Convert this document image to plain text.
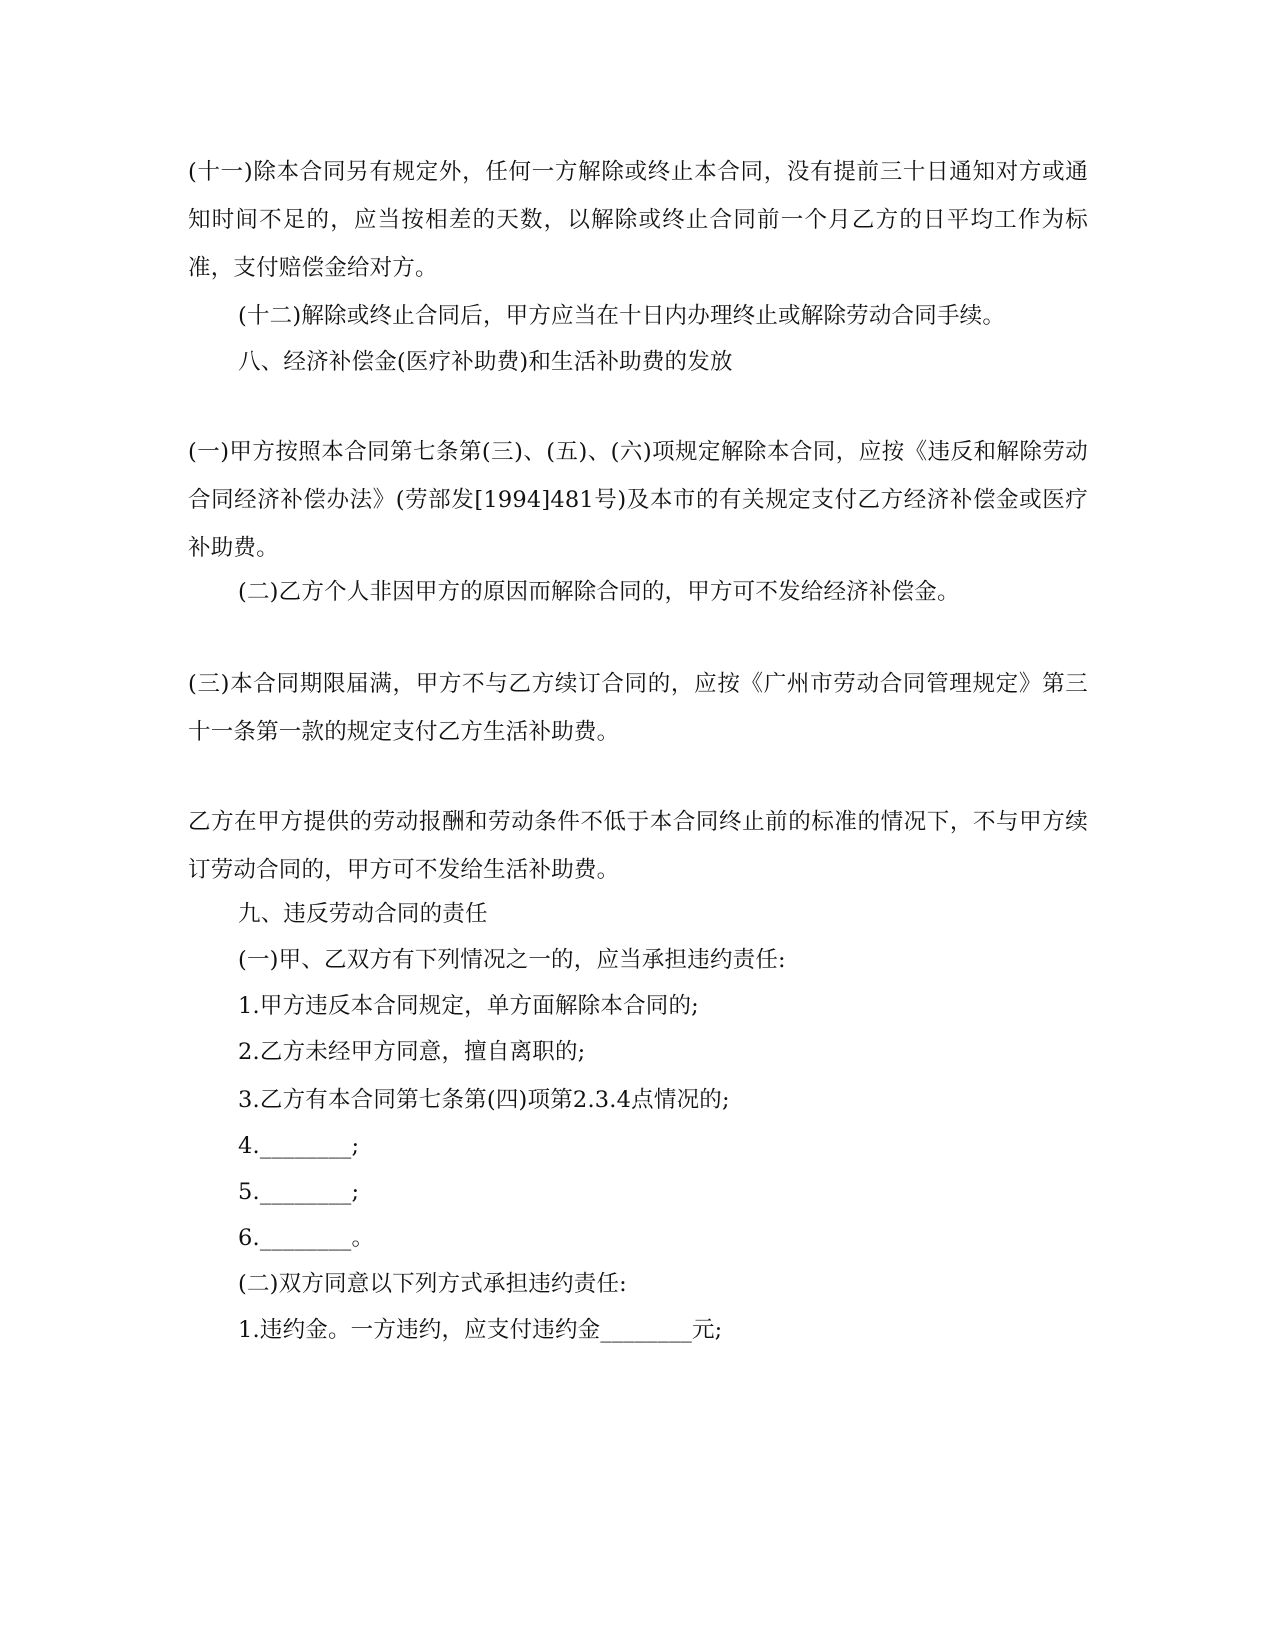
(十一)除本合同另有规定外，任何一方解除或终止本合同，没有提前三十日通知对方或通知时间不足的，应当按相差的天数，以解除或终止合同前一个月乙方的日平均工作为标准，支付赔偿金给对方。
(十二)解除或终止合同后，甲方应当在十日内办理终止或解除劳动合同手续。
八、经济补偿金(医疗补助费)和生活补助费的发放
(一)甲方按照本合同第七条第(三)、(五)、(六)项规定解除本合同，应按《违反和解除劳动合同经济补偿办法》(劳部发[1994]481号)及本市的有关规定支付乙方经济补偿金或医疗补助费。
(二)乙方个人非因甲方的原因而解除合同的，甲方可不发给经济补偿金。
(三)本合同期限届满，甲方不与乙方续订合同的，应按《广州市劳动合同管理规定》第三十一条第一款的规定支付乙方生活补助费。
乙方在甲方提供的劳动报酬和劳动条件不低于本合同终止前的标准的情况下，不与甲方续订劳动合同的，甲方可不发给生活补助费。
九、违反劳动合同的责任
(一)甲、乙双方有下列情况之一的，应当承担违约责任:
1.甲方违反本合同规定，单方面解除本合同的;
2.乙方未经甲方同意，擅自离职的;
3.乙方有本合同第七条第(四)项第2.3.4点情况的;
4.________;
5.________;
6.________。
(二)双方同意以下列方式承担违约责任:
1.违约金。一方违约，应支付违约金________元;
